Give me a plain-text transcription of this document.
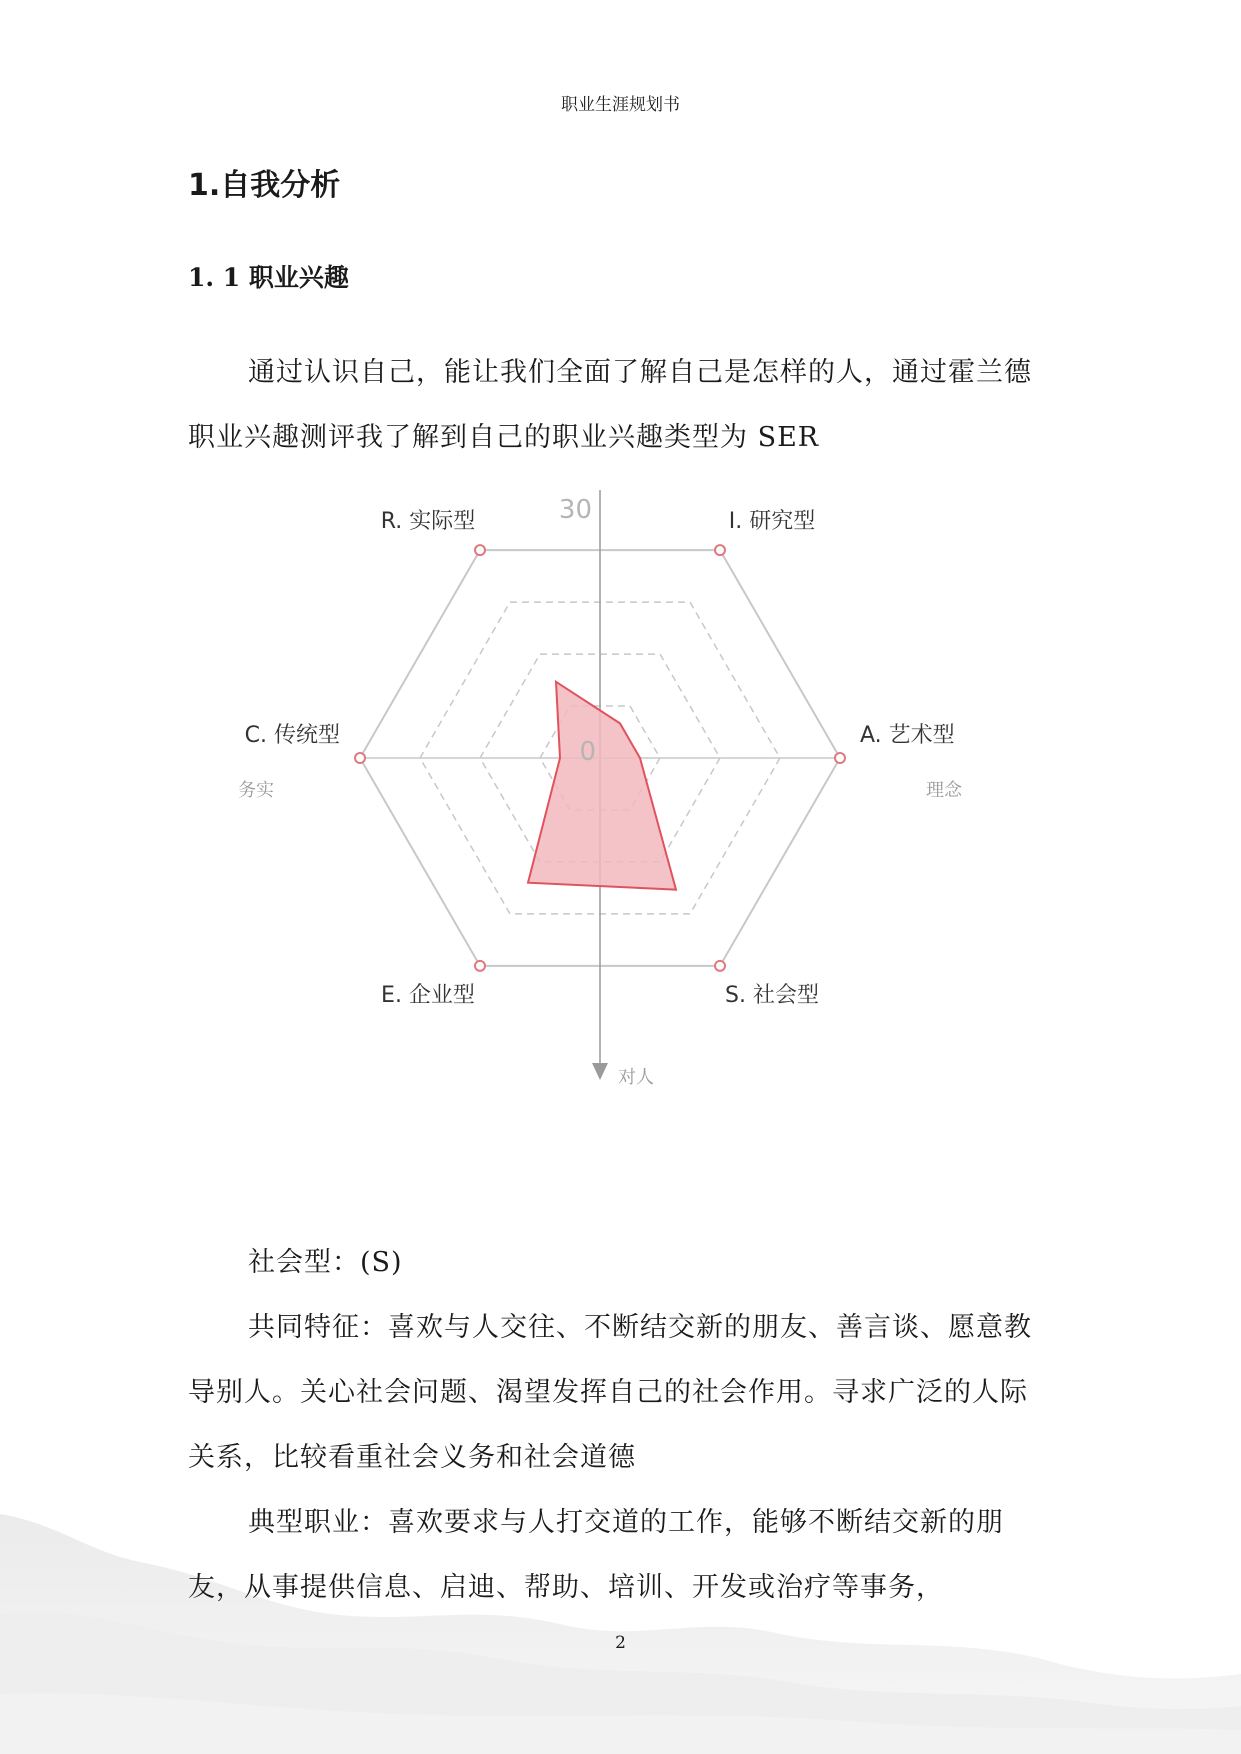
职业生涯规划书
1.自我分析
1. 1 职业兴趣

通过认识自己，能让我们全面了解自己是怎样的人，通过霍兰德职业兴趣测评我了解到自己的职业兴趣类型为 SER

R. 实际型	I. 研究型
A. 艺术型
S. 社会型
E. 企业型
C. 传统型
30
0
对人
务实	理念

社会型：(S)

共同特征：喜欢与人交往、不断结交新的朋友、善言谈、愿意教导别人。关心社会问题、渴望发挥自己的社会作用。寻求广泛的人际关系，比较看重社会义务和社会道德

典型职业：喜欢要求与人打交道的工作，能够不断结交新的朋友，从事提供信息、启迪、帮助、培训、开发或治疗等事务，

2
